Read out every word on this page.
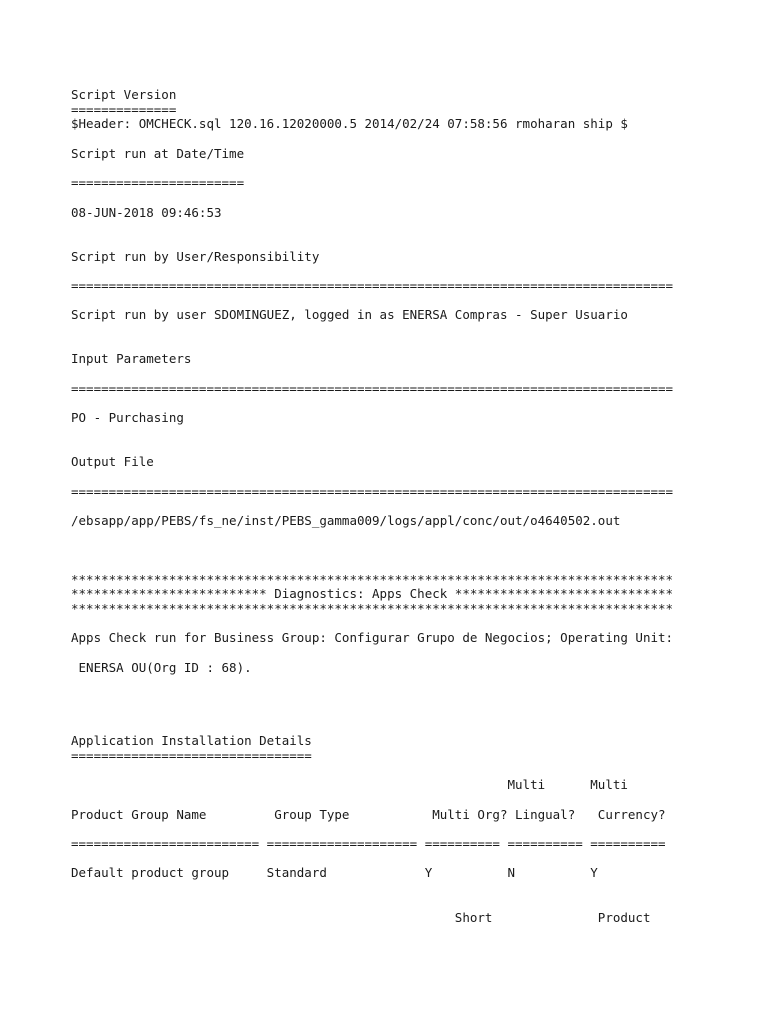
Script Version
==============
$Header: OMCHECK.sql 120.16.12020000.5 2014/02/24 07:58:56 rmoharan ship $
Script run at Date/Time
=======================
08-JUN-2018 09:46:53
Script run by User/Responsibility
================================================================================
Script run by user SDOMINGUEZ, logged in as ENERSA Compras - Super Usuario
Input Parameters
================================================================================
PO - Purchasing
Output File
================================================================================
/ebsapp/app/PEBS/fs_ne/inst/PEBS_gamma009/logs/appl/conc/out/o4640502.out
********************************************************************************
************************** Diagnostics: Apps Check *****************************
********************************************************************************
Apps Check run for Business Group: Configurar Grupo de Negocios; Operating Unit:
ENERSA OU(Org ID : 68).
Application Installation Details
================================
Multi      Multi
Product Group Name         Group Type           Multi Org? Lingual?   Currency?
========================= ==================== ========== ========== ==========
Default product group     Standard             Y          N          Y
Short              Product
